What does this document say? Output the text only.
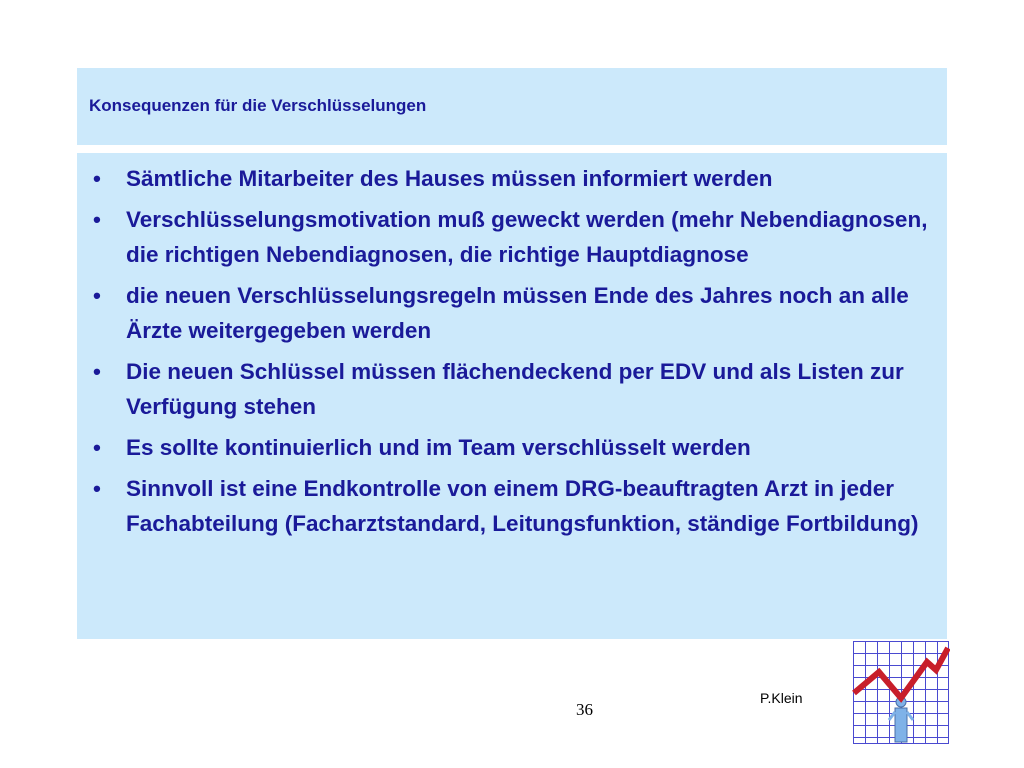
Konsequenzen für die Verschlüsselungen
• Sämtliche Mitarbeiter des Hauses müssen informiert werden
• Verschlüsselungsmotivation muß geweckt werden (mehr Nebendiagnosen, die richtigen Nebendiagnosen, die richtige Hauptdiagnose
• die neuen Verschlüsselungsregeln müssen Ende des Jahres noch an alle Ärzte weitergegeben werden
• Die neuen Schlüssel müssen flächendeckend per EDV und als Listen zur Verfügung stehen
• Es sollte kontinuierlich und im Team verschlüsselt werden
• Sinnvoll ist eine Endkontrolle von einem DRG-beauftragten Arzt in jeder Fachabteilung (Facharztstandard, Leitungsfunktion, ständige Fortbildung)
36
P.Klein
